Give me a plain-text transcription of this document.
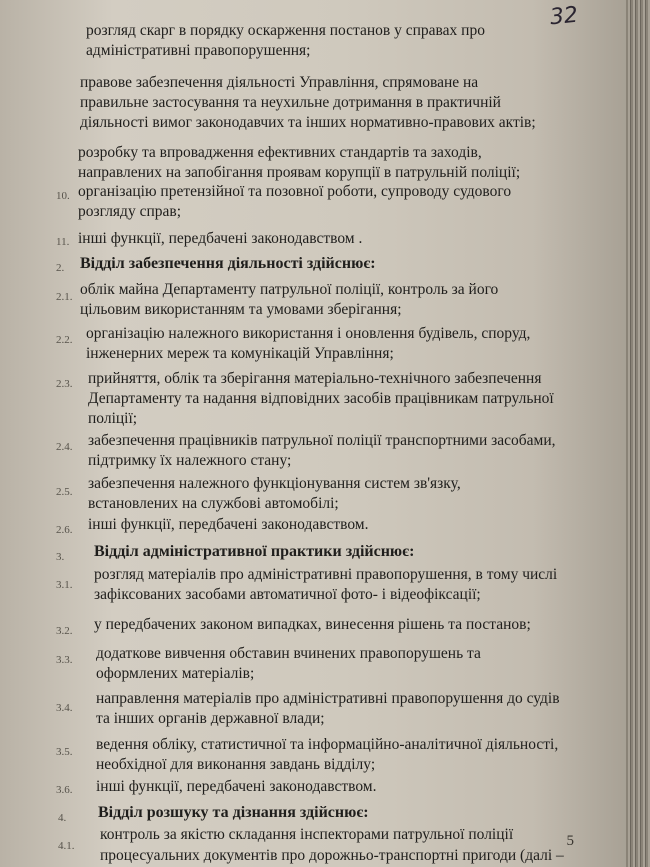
32
розгляд скарг в порядку оскарження постанов у справах про
адміністративні правопорушення;
правове забезпечення діяльності Управління, спрямоване на
правильне застосування та неухильне дотримання в практичній
діяльності вимог законодавчих та інших нормативно-правових актів;
розробку та впровадження ефективних стандартів та заходів,
направлених на запобігання проявам корупції в патрульній поліції;
10. організацію претензійної та позовної роботи, супроводу судового
розгляду справ;
11. інші функції, передбачені законодавством .
2. Відділ забезпечення діяльності здійснює:
2.1. облік майна Департаменту патрульної поліції, контроль за його
цільовим використанням та умовами зберігання;
2.2. організацію належного використання і оновлення будівель, споруд,
інженерних мереж та комунікацій Управління;
2.3. прийняття, облік та зберігання матеріально-технічного забезпечення
Департаменту та надання відповідних засобів працівникам патрульної
поліції;
2.4. забезпечення працівників патрульної поліції транспортними засобами,
підтримку їх належного стану;
2.5. забезпечення належного функціонування систем зв'язку,
встановлених на службові автомобілі;
2.6. інші функції, передбачені законодавством.
3. Відділ адміністративної практики здійснює:
3.1.
розгляд матеріалів про адміністративні правопорушення, в тому числі
зафіксованих засобами автоматичної фото- і відеофіксації;
3.2. у передбачених законом випадках, винесення рішень та постанов;
3.3. додаткове вивчення обставин вчинених правопорушень та
оформлених матеріалів;
3.4.
направлення матеріалів про адміністративні правопорушення до судів
та інших органів державної влади;
3.5. ведення обліку, статистичної та інформаційно-аналітичної діяльності,
необхідної для виконання завдань відділу;
3.6. інші функції, передбачені законодавством.
4. Відділ розшуку та дізнання здійснює:
4.1.
контроль за якістю складання інспекторами патрульної поліції
процесуальних документів про дорожньо-транспортні пригоди (далі –
5
